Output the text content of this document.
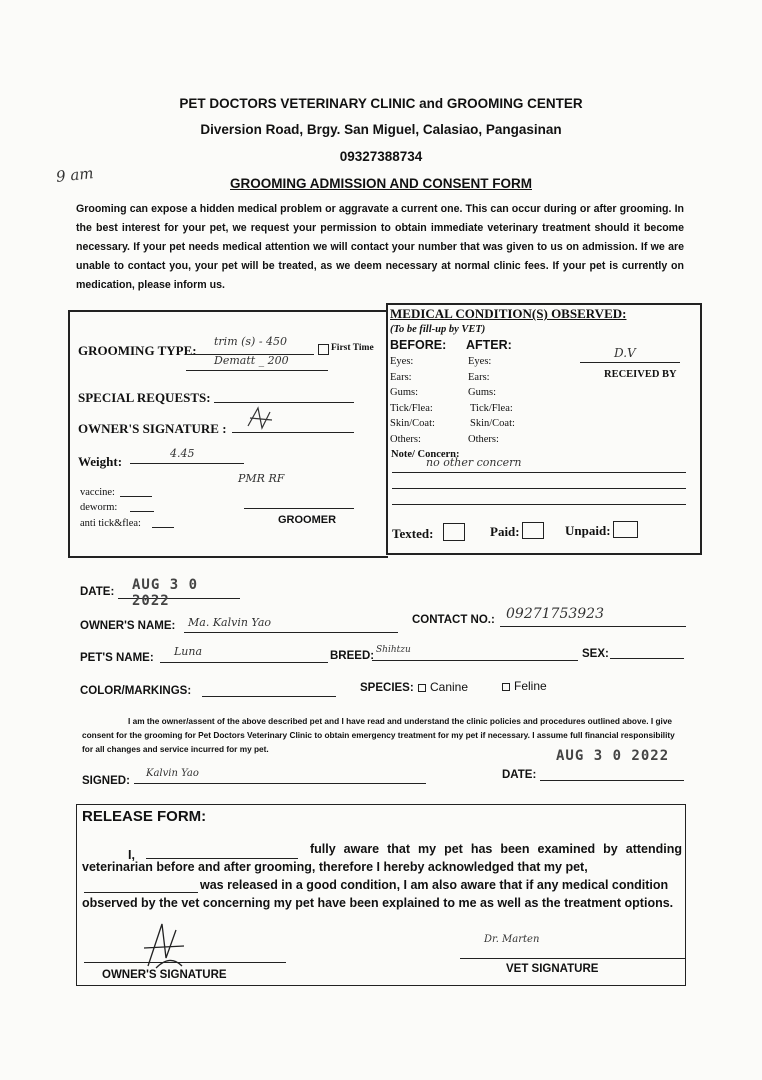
PET DOCTORS VETERINARY CLINIC and GROOMING CENTER
Diversion Road, Brgy. San Miguel, Calasiao, Pangasinan
09327388734
9 am	GROOMING ADMISSION AND CONSENT FORM
Grooming can expose a hidden medical problem or aggravate a current one. This can occur during or after grooming. In the best interest for your pet, we request your permission to obtain immediate veterinary treatment should it become necessary. If your pet needs medical attention we will contact your number that was given to us on admission. If we are unable to contact you, your pet will be treated, as we deem necessary at normal clinic fees. If your pet is currently on medication, please inform us.
GROOMING TYPE:
trim (s) - 450	First Time
Dematt _ 200
SPECIAL REQUESTS:
OWNER'S SIGNATURE :
Weight:
4.45
vaccine:
deworm:
anti tick&flea:
PMR RF
GROOMER
MEDICAL CONDITION(S) OBSERVED:
(To be fill-up by VET)
BEFORE: AFTER:
Eyes:	Eyes:
Ears:	Ears:
Gums:	Gums:
Tick/Flea:	Tick/Flea:
Skin/Coat:	Skin/Coat:
Others:	Others:
D.V
RECEIVED BY
Note/ Concern:
no other concern
Texted:	Paid:	Unpaid:
DATE: AUG 3 0 2022
OWNER'S NAME: Ma. Kalvin Yao	CONTACT NO.: 09271753923
PET'S NAME: Luna	BREED: Shihtzu	SEX:
COLOR/MARKINGS:	SPECIES: Canine	Feline
I am the owner/assent of the above described pet and I have read and understand the clinic policies and procedures outlined above. I give consent for the grooming for Pet Doctors Veterinary Clinic to obtain emergency treatment for my pet if necessary. I assume full financial responsibility for all changes and service incurred for my pet.
SIGNED:
Kalvin Yao	DATE:
AUG 3 0 2022
RELEASE FORM:
I,	fully aware that my pet has been examined by attending veterinarian before and after grooming, therefore I hereby acknowledged that my pet,
was released in a good condition, I am also aware that if any medical condition observed by the vet concerning my pet have been explained to me as well as the treatment options.
OWNER'S SIGNATURE
Dr. Marten
VET SIGNATURE
